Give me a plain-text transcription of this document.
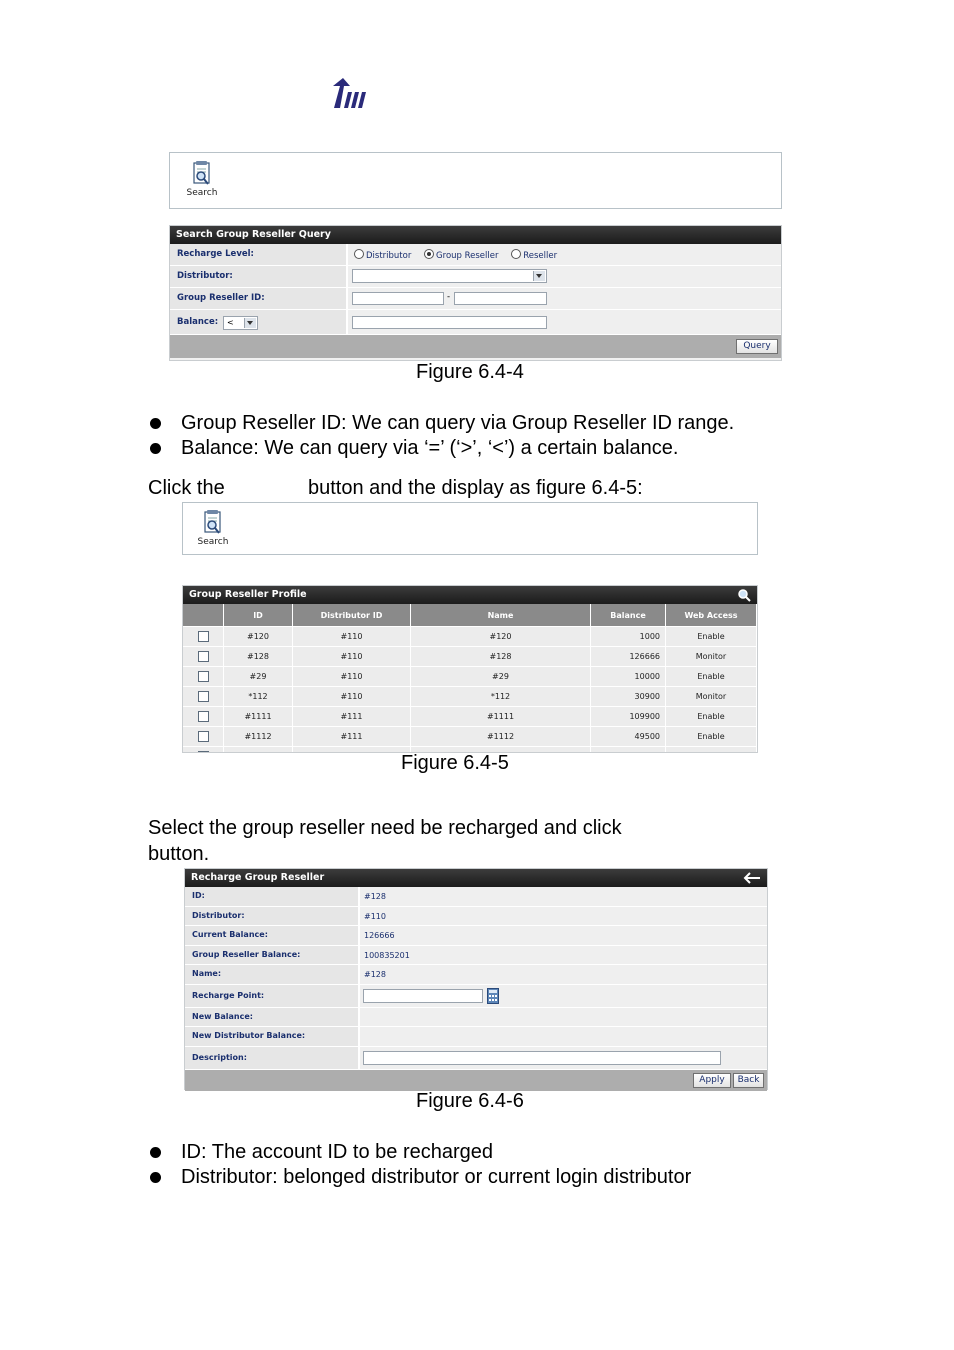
Search
Search Group Reseller Query
Recharge Level:	Distributor	Group Reseller	Reseller
Distributor:
Group Reseller ID:	-
Balance:	<
Query
Figure 6.4-4
Group Reseller ID: We can query via Group Reseller ID range.
Balance: We can query via ‘=’ (‘>’, ‘<’) a certain balance.
Click the	button and the display as figure 6.4-5:
Search
Group Reseller Profile
	ID	Distributor ID	Name	Balance	Web Access
	#120	#110	#120	1000	Enable
	#128	#110	#128	126666	Monitor
	#29	#110	#29	10000	Enable
	*112	#110	*112	30900	Monitor
	#1111	#111	#1111	109900	Enable
	#1112	#111	#1112	49500	Enable

Figure 6.4-5
Select the group reseller need be recharged and click
button.
Recharge Group Reseller
ID:	#128
Distributor:	#110
Current Balance:	126666
Group Reseller Balance:	100835201
Name:	#128
Recharge Point:
New Balance:
New Distributor Balance:
Description:
Apply	Back
Figure 6.4-6
ID: The account ID to be recharged
Distributor: belonged distributor or current login distributor
